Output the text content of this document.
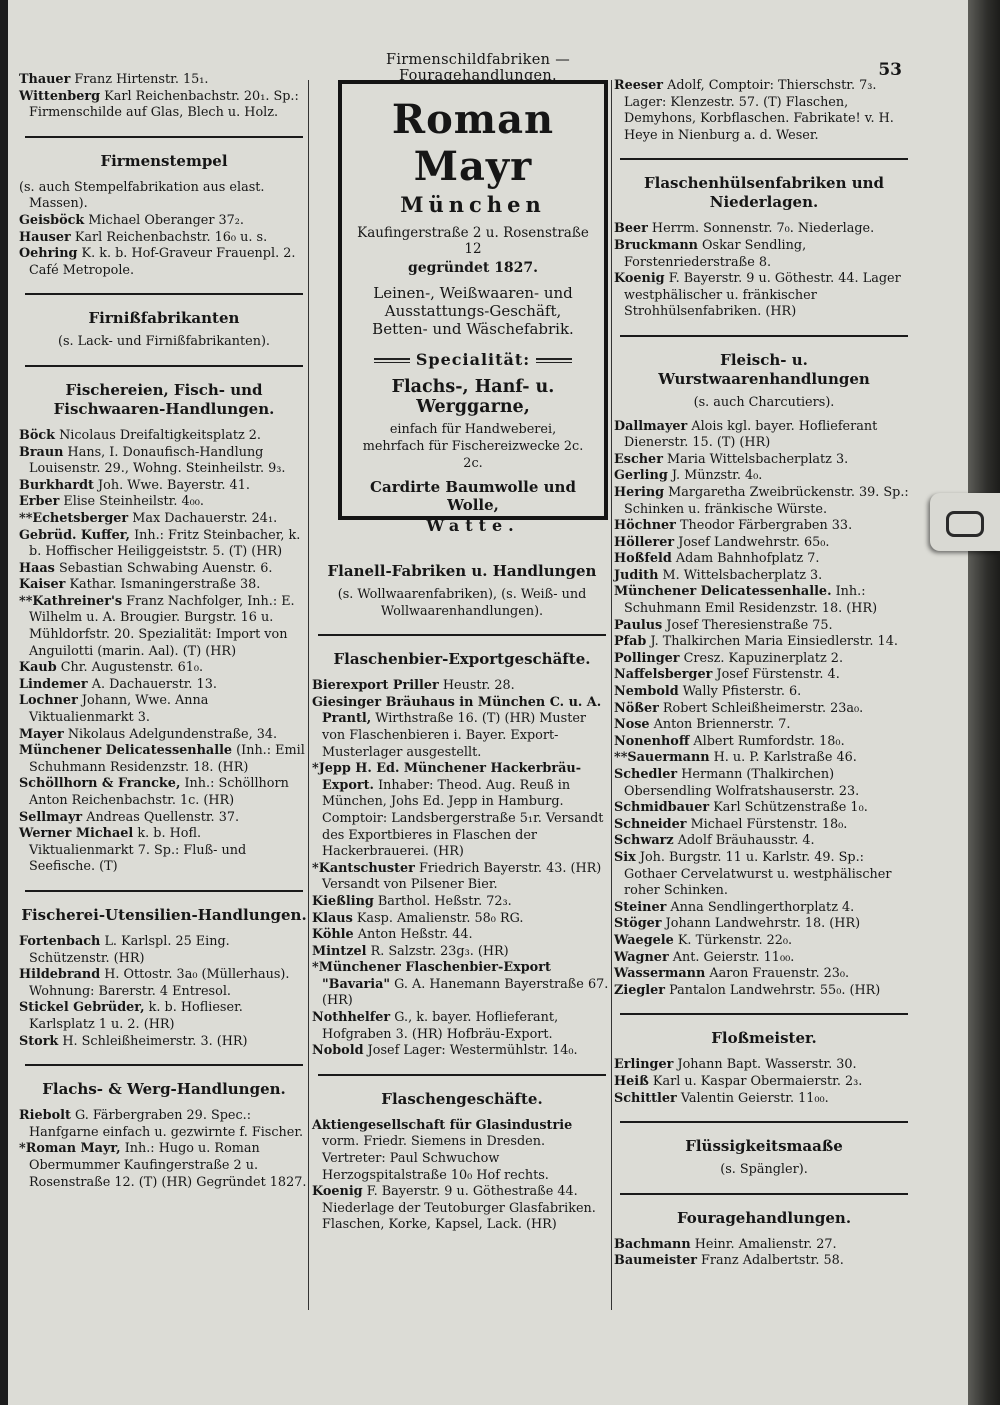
Firmenschildfabriken — Fouragehandlungen.	53
Roman Mayr
München
Kaufingerstraße 2 u. Rosenstraße 12
gegründet 1827.
Leinen-, Weißwaaren- und
Ausstattungs-Geschäft,
Betten- und Wäschefabrik.
Specialität:
Flachs-, Hanf- u. Werggarne,
einfach für Handweberei,
mehrfach für Fischereizwecke 2c. 2c.
Cardirte Baumwolle und Wolle,
Watte.

Thauer Franz Hirtenstr. 15₁.

Wittenberg Karl Reichenbachstr. 20₁. Sp.: Firmenschilde auf Glas, Blech u. Holz.

Firmenstempel

(s. auch Stempelfabrikation aus elast. Massen).

Geisböck Michael Oberanger 37₂.

Hauser Karl Reichenbachstr. 16₀ u. s.

Oehring K. k. b. Hof-Graveur Frauenpl. 2. Café Metropole.

Firnißfabrikanten
(s. Lack- und Firnißfabrikanten).
Fischereien, Fisch- und Fischwaaren-Handlungen.

Böck Nicolaus Dreifaltigkeitsplatz 2.

Braun Hans, I. Donaufisch-Handlung Louisenstr. 29., Wohng. Steinheilstr. 9₃.

Burkhardt Joh. Wwe. Bayerstr. 41.

Erber Elise Steinheilstr. 4₀₀.

**Echetsberger Max Dachauerstr. 24₁.

Gebrüd. Kuffer, Inh.: Fritz Steinbacher, k. b. Hoffischer Heiliggeiststr. 5. (T) (HR)

Haas Sebastian Schwabing Auenstr. 6.

Kaiser Kathar. Ismaningerstraße 38.

**Kathreiner's Franz Nachfolger, Inh.: E. Wilhelm u. A. Brougier. Burgstr. 16 u. Mühldorfstr. 20. Spezialität: Import von Anguilotti (marin. Aal). (T) (HR)

Kaub Chr. Augustenstr. 61₀.

Lindemer A. Dachauerstr. 13.

Lochner Johann, Wwe. Anna Viktualienmarkt 3.

Mayer Nikolaus Adelgundenstraße, 34.

Münchener Delicatessenhalle (Inh.: Emil Schuhmann Residenzstr. 18. (HR)

Schöllhorn & Francke, Inh.: Schöllhorn Anton Reichenbachstr. 1c. (HR)

Sellmayr Andreas Quellenstr. 37.

Werner Michael k. b. Hofl. Viktualienmarkt 7. Sp.: Fluß- und Seefische. (T)

Fischerei-Utensilien-Handlungen.

Fortenbach L. Karlspl. 25 Eing. Schützenstr. (HR)

Hildebrand H. Ottostr. 3a₀ (Müllerhaus). Wohnung: Barerstr. 4 Entresol.

Stickel Gebrüder, k. b. Hoflieser. Karlsplatz 1 u. 2. (HR)

Stork H. Schleißheimerstr. 3. (HR)

Flachs- & Werg-Handlungen.

Riebolt G. Färbergraben 29. Spec.: Hanfgarne einfach u. gezwirnte f. Fischer.

*Roman Mayr, Inh.: Hugo u. Roman Obermummer Kaufingerstraße 2 u. Rosenstraße 12. (T) (HR) Gegründet 1827.

Flanell-Fabriken u. Handlungen
(s. Wollwaarenfabriken), (s. Weiß- und Wollwaarenhandlungen).
Flaschenbier-Exportgeschäfte.

Bierexport Priller Heustr. 28.

Giesinger Bräuhaus in München C. u. A. Prantl, Wirthstraße 16. (T) (HR) Muster von Flaschenbieren i. Bayer. Export-Musterlager ausgestellt.

*Jepp H. Ed. Münchener Hackerbräu-Export. Inhaber: Theod. Aug. Reuß in München, Johs Ed. Jepp in Hamburg. Comptoir: Landsbergerstraße 5₁r. Versandt des Exportbieres in Flaschen der Hackerbrauerei. (HR)

*Kantschuster Friedrich Bayerstr. 43. (HR) Versandt von Pilsener Bier.

Kießling Barthol. Heßstr. 72₃.

Klaus Kasp. Amalienstr. 58₀ RG.

Köhle Anton Heßstr. 44.

Mintzel R. Salzstr. 23g₃. (HR)

*Münchener Flaschenbier-Export "Bavaria" G. A. Hanemann Bayerstraße 67. (HR)

Nothhelfer G., k. bayer. Hoflieferant, Hofgraben 3. (HR) Hofbräu-Export.

Nobold Josef Lager: Westermühlstr. 14₀.

Flaschengeschäfte.

Aktiengesellschaft für Glasindustrie vorm. Friedr. Siemens in Dresden. Vertreter: Paul Schwuchow Herzogspitalstraße 10₀ Hof rechts.

Koenig F. Bayerstr. 9 u. Göthestraße 44. Niederlage der Teutoburger Glasfabriken. Flaschen, Korke, Kapsel, Lack. (HR)

Reeser Adolf, Comptoir: Thierschstr. 7₃. Lager: Klenzestr. 57. (T) Flaschen, Demyhons, Korbflaschen. Fabrikate! v. H. Heye in Nienburg a. d. Weser.

Flaschenhülsenfabriken und Niederlagen.

Beer Herrm. Sonnenstr. 7₀. Niederlage.

Bruckmann Oskar Sendling, Forstenriederstraße 8.

Koenig F. Bayerstr. 9 u. Göthestr. 44. Lager westphälischer u. fränkischer Strohhülsenfabriken. (HR)

Fleisch- u. Wurstwaarenhandlungen
(s. auch Charcutiers).

Dallmayer Alois kgl. bayer. Hoflieferant Dienerstr. 15. (T) (HR)

Escher Maria Wittelsbacherplatz 3.

Gerling J. Münzstr. 4₀.

Hering Margaretha Zweibrückenstr. 39. Sp.: Schinken u. fränkische Würste.

Höchner Theodor Färbergraben 33.

Höllerer Josef Landwehrstr. 65₀.

Hoßfeld Adam Bahnhofplatz 7.

Judith M. Wittelsbacherplatz 3.

Münchener Delicatessenhalle. Inh.: Schuhmann Emil Residenzstr. 18. (HR)

Paulus Josef Theresienstraße 75.

Pfab J. Thalkirchen Maria Einsiedlerstr. 14.

Pollinger Cresz. Kapuzinerplatz 2.

Naffelsberger Josef Fürstenstr. 4.

Nembold Wally Pfisterstr. 6.

Nößer Robert Schleißheimerstr. 23a₀.

Nose Anton Briennerstr. 7.

Nonenhoff Albert Rumfordstr. 18₀.

**Sauermann H. u. P. Karlstraße 46.

Schedler Hermann (Thalkirchen) Obersendling Wolfratshauserstr. 23.

Schmidbauer Karl Schützenstraße 1₀.

Schneider Michael Fürstenstr. 18₀.

Schwarz Adolf Bräuhausstr. 4.

Six Joh. Burgstr. 11 u. Karlstr. 49. Sp.: Gothaer Cervelatwurst u. westphälischer roher Schinken.

Steiner Anna Sendlingerthorplatz 4.

Stöger Johann Landwehrstr. 18. (HR)

Waegele K. Türkenstr. 22₀.

Wagner Ant. Geierstr. 11₀₀.

Wassermann Aaron Frauenstr. 23₀.

Ziegler Pantalon Landwehrstr. 55₀. (HR)

Floßmeister.

Erlinger Johann Bapt. Wasserstr. 30.

Heiß Karl u. Kaspar Obermaierstr. 2₃.

Schittler Valentin Geierstr. 11₀₀.

Flüssigkeitsmaaße
(s. Spängler).
Fouragehandlungen.

Bachmann Heinr. Amalienstr. 27.

Baumeister Franz Adalbertstr. 58.
